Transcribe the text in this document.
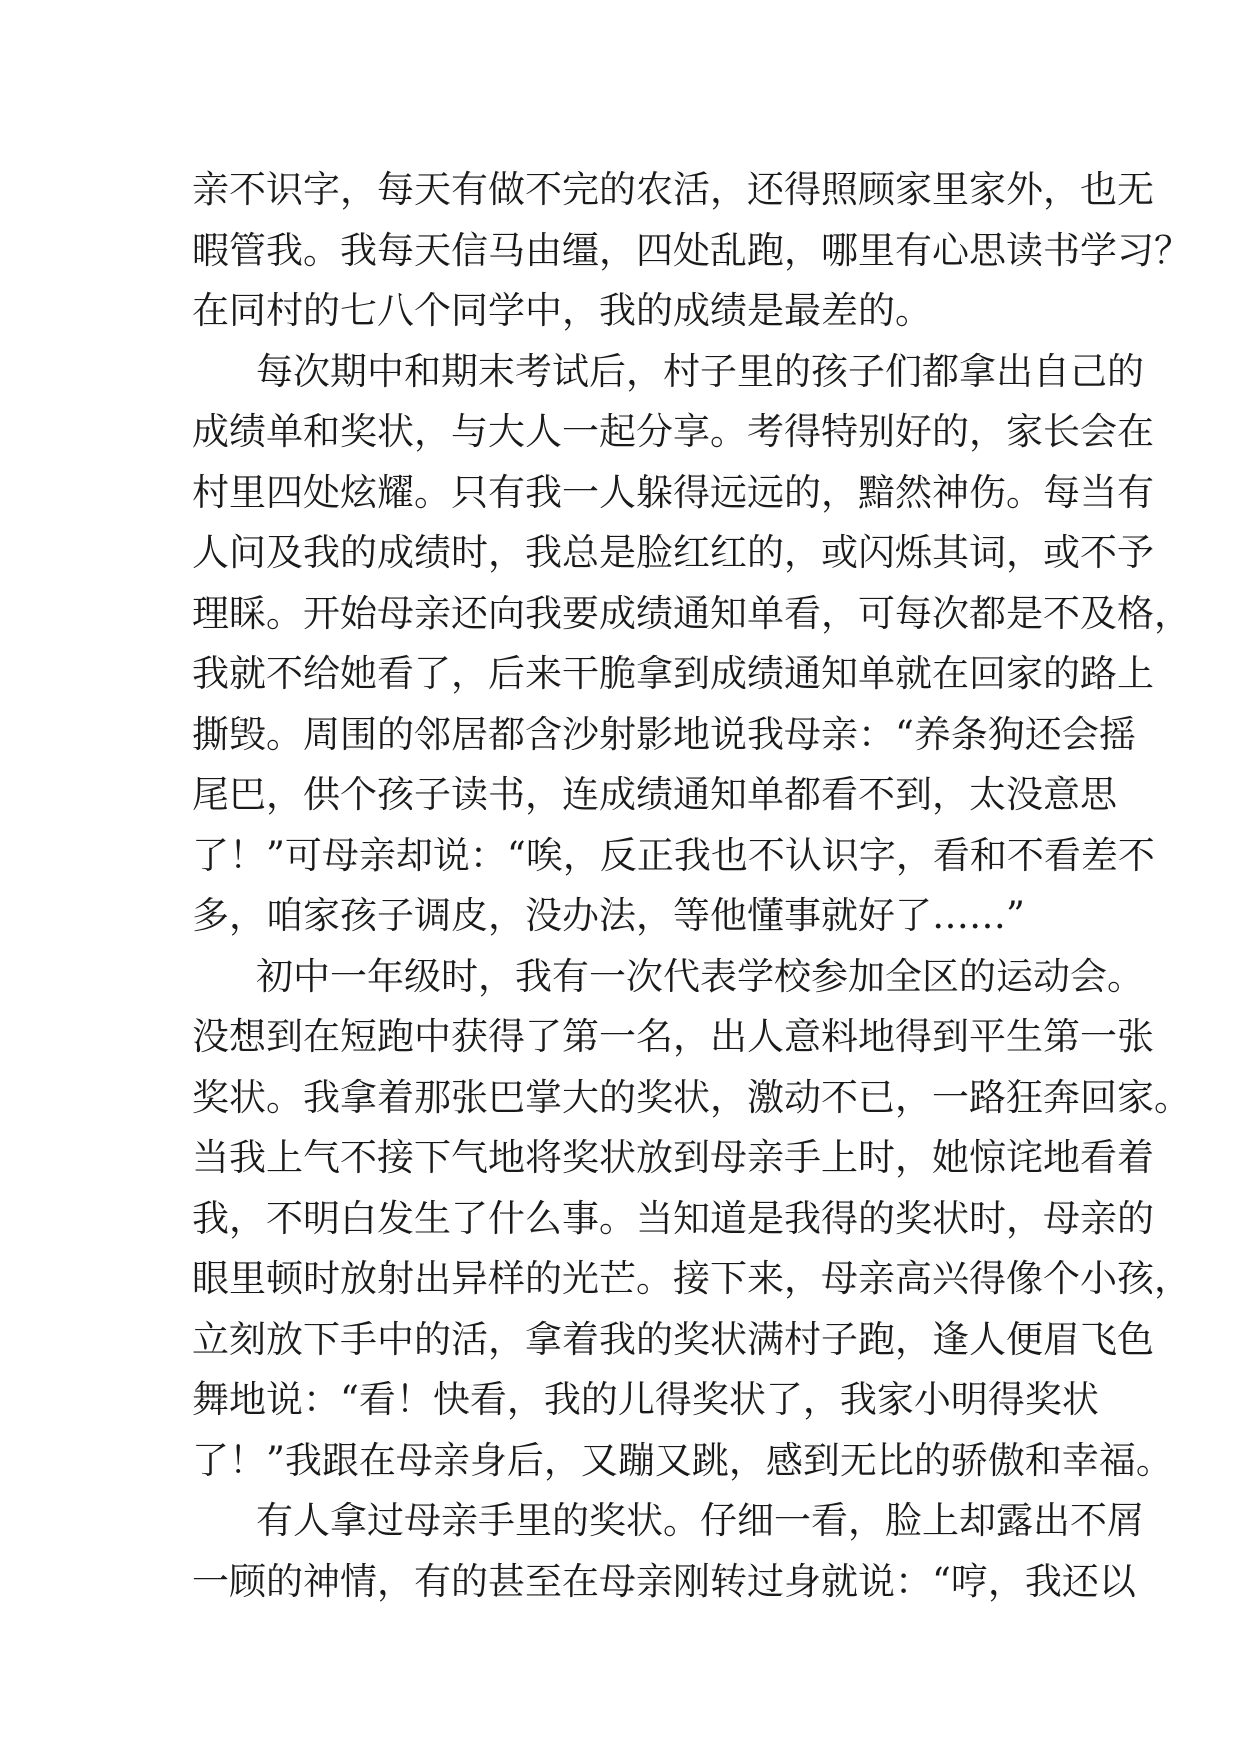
亲不识字，每天有做不完的农活，还得照顾家里家外，也无
暇管我。我每天信马由缰，四处乱跑，哪里有心思读书学习？
在同村的七八个同学中，我的成绩是最差的。
每次期中和期末考试后，村子里的孩子们都拿出自己的
成绩单和奖状，与大人一起分享。考得特别好的，家长会在
村里四处炫耀。只有我一人躲得远远的，黯然神伤。每当有
人问及我的成绩时，我总是脸红红的，或闪烁其词，或不予
理睬。开始母亲还向我要成绩通知单看，可每次都是不及格，
我就不给她看了，后来干脆拿到成绩通知单就在回家的路上
撕毁。周围的邻居都含沙射影地说我母亲：“养条狗还会摇
尾巴，供个孩子读书，连成绩通知单都看不到，太没意思
了！”可母亲却说：“唉，反正我也不认识字，看和不看差不
多，咱家孩子调皮，没办法，等他懂事就好了……”
初中一年级时，我有一次代表学校参加全区的运动会。
没想到在短跑中获得了第一名，出人意料地得到平生第一张
奖状。我拿着那张巴掌大的奖状，激动不已，一路狂奔回家。
当我上气不接下气地将奖状放到母亲手上时，她惊诧地看着
我，不明白发生了什么事。当知道是我得的奖状时，母亲的
眼里顿时放射出异样的光芒。接下来，母亲高兴得像个小孩，
立刻放下手中的活，拿着我的奖状满村子跑，逢人便眉飞色
舞地说：“看！快看，我的儿得奖状了，我家小明得奖状
了！”我跟在母亲身后，又蹦又跳，感到无比的骄傲和幸福。
有人拿过母亲手里的奖状。仔细一看，脸上却露出不屑
一顾的神情，有的甚至在母亲刚转过身就说：“哼，我还以
